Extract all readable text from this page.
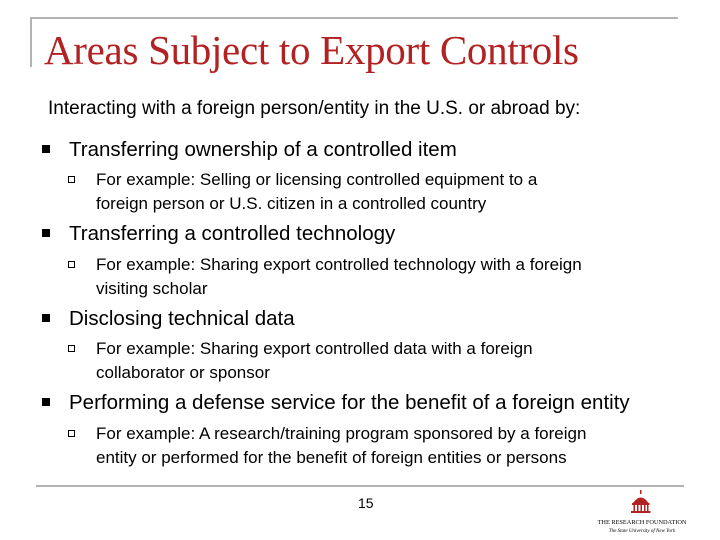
Areas Subject to Export Controls
Interacting with a foreign person/entity in the U.S. or abroad by:
Transferring ownership of a controlled item
For example: Selling or licensing controlled equipment to a
foreign person or U.S. citizen in a controlled country
Transferring a controlled technology
For example: Sharing export controlled technology with a foreign
visiting scholar
Disclosing technical data
For example: Sharing export controlled data with a foreign
collaborator or sponsor
Performing a defense service for the benefit of a foreign entity
For example: A research/training program sponsored by a foreign
entity or performed for the benefit of foreign entities or persons
15
THE RESEARCH FOUNDATION
The State University of New York
